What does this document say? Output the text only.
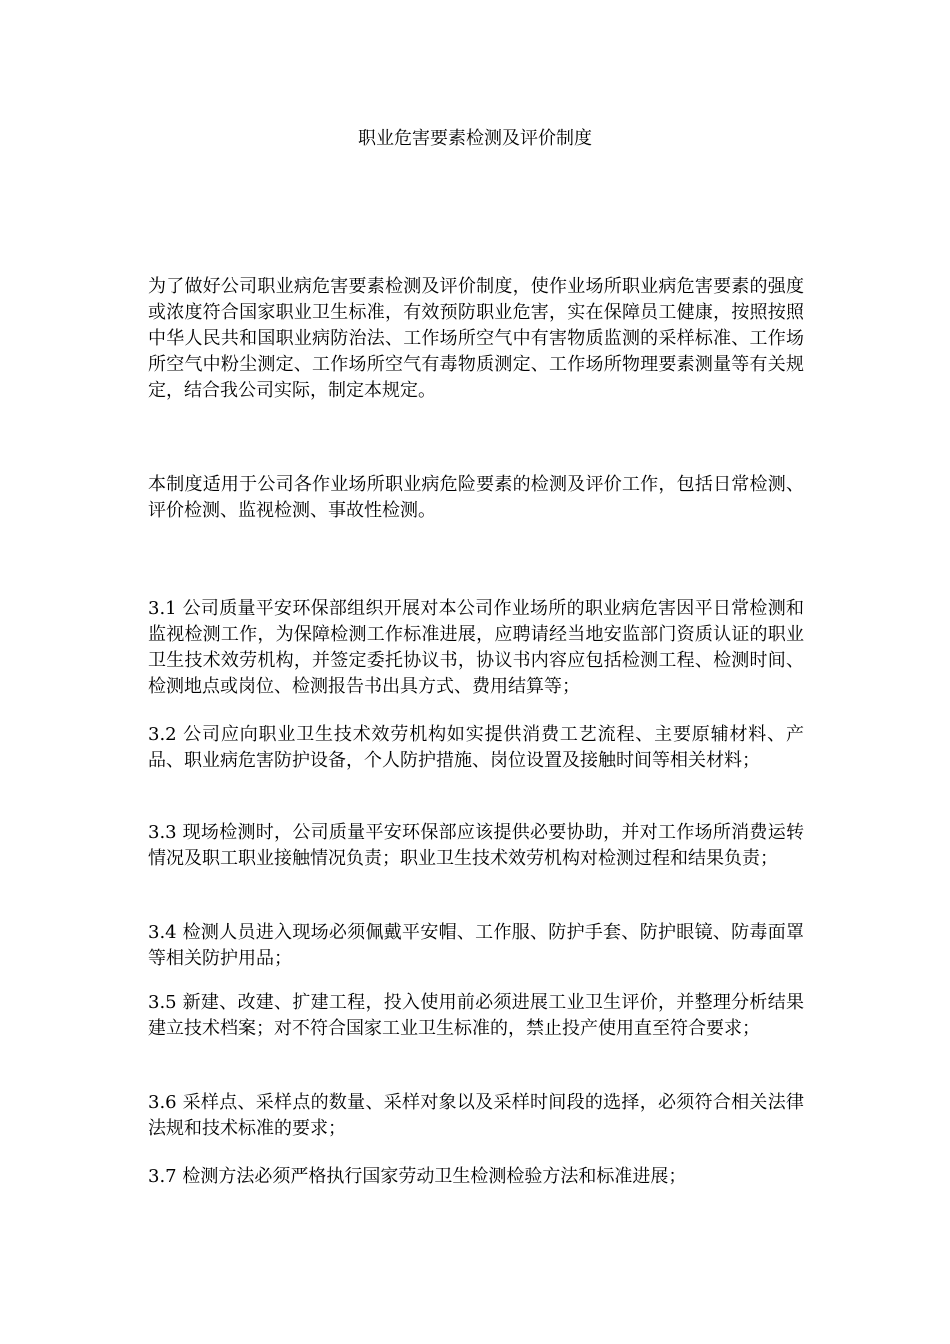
职业危害要素检测及评价制度

为了做好公司职业病危害要素检测及评价制度，使作业场所职业病危害要素的强度或浓度符合国家职业卫生标准，有效预防职业危害，实在保障员工健康，按照按照中华人民共和国职业病防治法、工作场所空气中有害物质监测的采样标准、工作场所空气中粉尘测定、工作场所空气有毒物质测定、工作场所物理要素测量等有关规定，结合我公司实际，制定本规定。

本制度适用于公司各作业场所职业病危险要素的检测及评价工作，包括日常检测、评价检测、监视检测、事故性检测。

3.1 公司质量平安环保部组织开展对本公司作业场所的职业病危害因平日常检测和监视检测工作，为保障检测工作标准进展，应聘请经当地安监部门资质认证的职业卫生技术效劳机构，并签定委托协议书，协议书内容应包括检测工程、检测时间、检测地点或岗位、检测报告书出具方式、费用结算等；

3.2 公司应向职业卫生技术效劳机构如实提供消费工艺流程、主要原辅材料、产品、职业病危害防护设备，个人防护措施、岗位设置及接触时间等相关材料；

3.3 现场检测时，公司质量平安环保部应该提供必要协助，并对工作场所消费运转情况及职工职业接触情况负责；职业卫生技术效劳机构对检测过程和结果负责；

3.4 检测人员进入现场必须佩戴平安帽、工作服、防护手套、防护眼镜、防毒面罩等相关防护用品；

3.5 新建、改建、扩建工程，投入使用前必须进展工业卫生评价，并整理分析结果建立技术档案；对不符合国家工业卫生标准的，禁止投产使用直至符合要求；

3.6 采样点、采样点的数量、采样对象以及采样时间段的选择，必须符合相关法律法规和技术标准的要求；

3.7 检测方法必须严格执行国家劳动卫生检测检验方法和标准进展；
